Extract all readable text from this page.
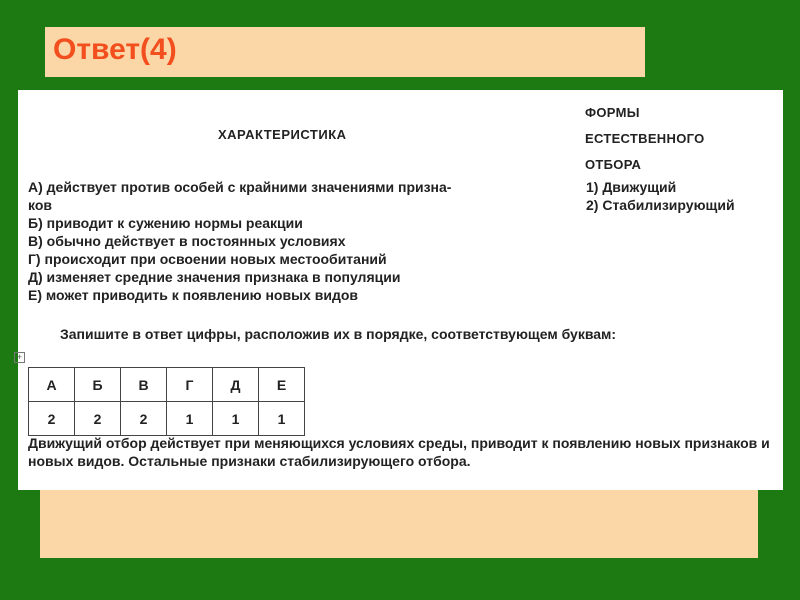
Ответ(4)
ХАРАКТЕРИСТИКА
ФОРМЫ
ЕСТЕСТВЕННОГО
ОТБОРА
А) действует против особей с крайними значениями призна-
ков
Б) приводит к сужению нормы реакции
В) обычно действует в постоянных условиях
Г) происходит при освоении новых местообитаний
Д) изменяет средние значения признака в популяции
Е) может приводить к появлению новых видов
1) Движущий
2) Стабилизирующий
Запишите в ответ цифры, расположив их в порядке, соответствующем буквам:
+
А	Б	В	Г	Д	Е
2	2	2	1	1	1
Движущий отбор действует при меняющихся условиях среды, приводит к появлению новых признаков и новых видов. Остальные признаки стабилизирующего отбора.
